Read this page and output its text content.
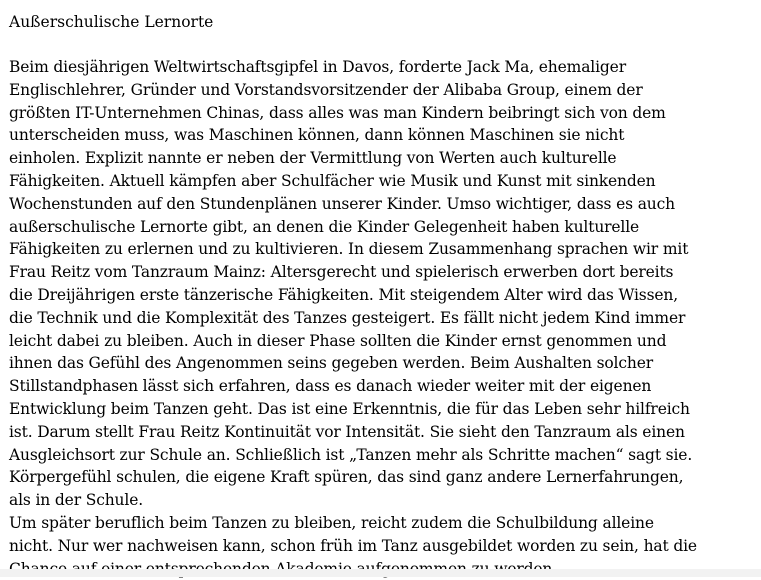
Außerschulische Lernorte
Beim diesjährigen Weltwirtschaftsgipfel in Davos, forderte Jack Ma, ehemaliger
Englischlehrer, Gründer und Vorstandsvorsitzender der Alibaba Group, einem der
größten IT-Unternehmen Chinas, dass alles was man Kindern beibringt sich von dem
unterscheiden muss, was Maschinen können, dann können Maschinen sie nicht
einholen. Explizit nannte er neben der Vermittlung von Werten auch kulturelle
Fähigkeiten. Aktuell kämpfen aber Schulfächer wie Musik und Kunst mit sinkenden
Wochenstunden auf den Stundenplänen unserer Kinder. Umso wichtiger, dass es auch
außerschulische Lernorte gibt, an denen die Kinder Gelegenheit haben kulturelle
Fähigkeiten zu erlernen und zu kultivieren. In diesem Zusammenhang sprachen wir mit
Frau Reitz vom Tanzraum Mainz: Altersgerecht und spielerisch erwerben dort bereits
die Dreijährigen erste tänzerische Fähigkeiten. Mit steigendem Alter wird das Wissen,
die Technik und die Komplexität des Tanzes gesteigert. Es fällt nicht jedem Kind immer
leicht dabei zu bleiben. Auch in dieser Phase sollten die Kinder ernst genommen und
ihnen das Gefühl des Angenommen seins gegeben werden. Beim Aushalten solcher
Stillstandphasen lässt sich erfahren, dass es danach wieder weiter mit der eigenen
Entwicklung beim Tanzen geht. Das ist eine Erkenntnis, die für das Leben sehr hilfreich
ist. Darum stellt Frau Reitz Kontinuität vor Intensität. Sie sieht den Tanzraum als einen
Ausgleichsort zur Schule an. Schließlich ist „Tanzen mehr als Schritte machen“ sagt sie.
Körpergefühl schulen, die eigene Kraft spüren, das sind ganz andere Lernerfahrungen,
als in der Schule.
Um später beruflich beim Tanzen zu bleiben, reicht zudem die Schulbildung alleine
nicht. Nur wer nachweisen kann, schon früh im Tanz ausgebildet worden zu sein, hat die
